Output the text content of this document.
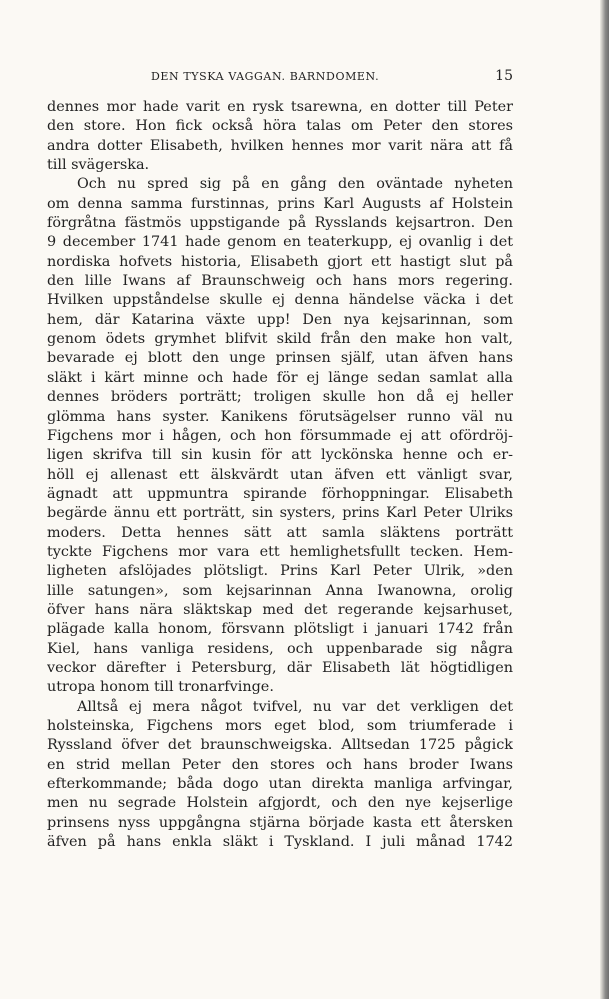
DEN TYSKA VAGGAN. BARNDOMEN.	15
dennes mor hade varit en rysk tsarewna, en dotter till Peter
den store. Hon fick också höra talas om Peter den stores
andra dotter Elisabeth, hvilken hennes mor varit nära att få
till svägerska.
Och nu spred sig på en gång den oväntade nyheten
om denna samma furstinnas, prins Karl Augusts af Holstein
förgråtna fästmös uppstigande på Rysslands kejsartron. Den
9 december 1741 hade genom en teaterkupp, ej ovanlig i det
nordiska hofvets historia, Elisabeth gjort ett hastigt slut på
den lille Iwans af Braunschweig och hans mors regering.
Hvilken uppståndelse skulle ej denna händelse väcka i det
hem, där Katarina växte upp! Den nya kejsarinnan, som
genom ödets grymhet blifvit skild från den make hon valt,
bevarade ej blott den unge prinsen själf, utan äfven hans
släkt i kärt minne och hade för ej länge sedan samlat alla
dennes bröders porträtt; troligen skulle hon då ej heller
glömma hans syster. Kanikens förutsägelser runno väl nu
Figchens mor i hågen, och hon försummade ej att ofördröj-
ligen skrifva till sin kusin för att lyckönska henne och er-
höll ej allenast ett älskvärdt utan äfven ett vänligt svar,
ägnadt att uppmuntra spirande förhoppningar. Elisabeth
begärde ännu ett porträtt, sin systers, prins Karl Peter Ulriks
moders. Detta hennes sätt att samla släktens porträtt
tyckte Figchens mor vara ett hemlighetsfullt tecken. Hem-
ligheten afslöjades plötsligt. Prins Karl Peter Ulrik, »den
lille satungen», som kejsarinnan Anna Iwanowna, orolig
öfver hans nära släktskap med det regerande kejsarhuset,
plägade kalla honom, försvann plötsligt i januari 1742 från
Kiel, hans vanliga residens, och uppenbarade sig några
veckor därefter i Petersburg, där Elisabeth lät högtidligen
utropa honom till tronarfvinge.
Alltså ej mera något tvifvel, nu var det verkligen det
holsteinska, Figchens mors eget blod, som triumferade i
Ryssland öfver det braunschweigska. Alltsedan 1725 pågick
en strid mellan Peter den stores och hans broder Iwans
efterkommande; båda dogo utan direkta manliga arfvingar,
men nu segrade Holstein afgjordt, och den nye kejserlige
prinsens nyss uppgångna stjärna började kasta ett återsken
äfven på hans enkla släkt i Tyskland. I juli månad 1742
